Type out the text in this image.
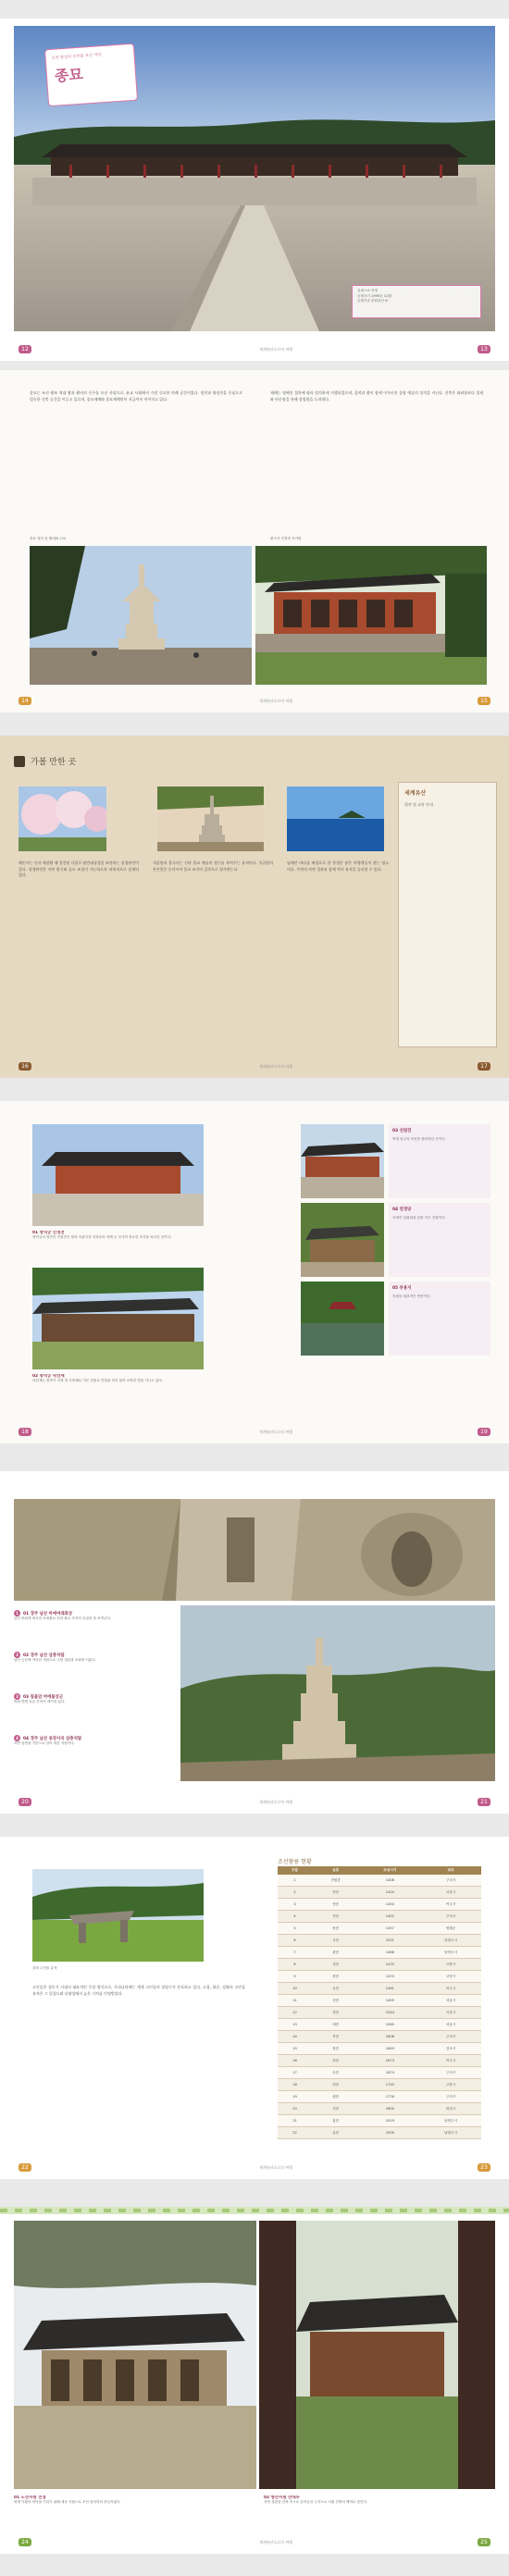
조선 왕실의 신주를 모신 사당
종묘
유네스코 지정
등재시기 1995년 12월
등재기준 문화유산 iii
12	세계유산으로의 여행	13
종묘는 조선 왕조 역대 왕과 왕비의 신주를 모신 사당으로, 유교 사회에서 가장 중요한 의례 공간이었다. 정전과 영녕전을 중심으로 엄숙한 건축 공간을 이루고 있으며, 종묘제례와 종묘제례악이 지금까지 이어지고 있다.
제례는 정해진 절차에 따라 엄격하게 거행되었으며, 음악과 춤이 함께 어우러진 종합 예술의 성격을 지닌다. 건축은 화려함보다 절제와 단순함을 통해 장엄함을 드러낸다.
종묘 정전 앞 월대와 신로	불국사 전경과 석가탑
14	세계유산으로의 여행	15
가볼 만한 곳
해인사는 신라 애장왕 때 창건된 사찰로 팔만대장경을 보관하는 장경판전이 있다. 장경판전은 자연 환기와 습도 조절이 가능하도록 과학적으로 설계되었다.
석굴암과 불국사는 신라 불교 예술의 정수를 보여주는 유적이다. 석굴암의 본존불은 동아시아 불교 조각의 걸작으로 평가받는다.
남해안 바다를 배경으로 한 풍경은 많은 여행객들이 찾는 명소이다. 주변의 자연 경관과 함께 역사 유적을 둘러볼 수 있다.
세계유산
위치 및 교통 안내
16	세계유산으로의 여행	17
01 창덕궁 인정전
창덕궁의 정전인 인정전은 왕의 즉위식과 신하들의 하례 등 국가의 중요한 의식을 치르던 곳이다.
02 창덕궁 낙선재
낙선재는 헌종이 서재 겸 사랑채로 지은 건물로 단청을 하지 않아 소박한 멋을 지니고 있다.
03 선원전
역대 임금의 어진을 봉안하던 곳이다.
04 연경당
사대부 살림집을 본떠 지은 건물이다.
05 부용지
후원의 대표적인 연못이다.
18	세계유산으로의 여행	19
1 01 경주 남산 마애여래좌상
남산 바위에 새겨진 마애불로 신라 불교 조각의 특징을 잘 보여준다.
2 02 경주 남산 삼층석탑
남산 능선에 자리한 석탑으로 주변 경관과 조화를 이룬다.
3 03 칠불암 마애불상군
바위 면에 일곱 부처가 새겨져 있다.
4 04 경주 남산 용장사곡 삼층석탑
자연 암반을 기단으로 삼아 세운 석탑이다.
20	세계유산으로의 여행	21
강화 고인돌 유적
고인돌은 청동기 시대의 대표적인 무덤 양식으로, 우리나라에는 세계 고인돌의 상당수가 분포하고 있다. 고창, 화순, 강화의 고인돌 유적은 그 밀집도와 다양성에서 높은 가치를 인정받았다.
조선왕릉 현황
구분	능호	조성시기	위치
1	건원릉	1408	구리시
2	헌릉	1420	서울시
3	영릉	1450	여주시
4	현릉	1452	구리시
5	장릉	1457	영월군
6	사릉	1521	남양주시
7	광릉	1468	남양주시
8	경릉	1470	고양시
9	창릉	1470	고양시
10	공릉	1461	파주시
11	선릉	1495	서울시
12	정릉	1544	서울시
13	태릉	1565	서울시
14	목릉	1608	구리시
15	장릉	1649	김포시
16	영릉	1673	여주시
17	숭릉	1674	구리시
18	명릉	1720	고양시
19	원릉	1776	구리시
20	건릉	1800	화성시
21	홍릉	1919	남양주시
22	유릉	1926	남양주시
22	세계유산으로의 여행	23
01 도산서원 전경
퇴계 이황의 학덕을 기리기 위해 세운 서원으로 조선 성리학의 중심지였다.
02 병산서원 만대루
자연 경관을 건축 속으로 끌어들인 누각으로 서원 건축의 백미로 꼽힌다.
24	세계유산으로의 여행	25
